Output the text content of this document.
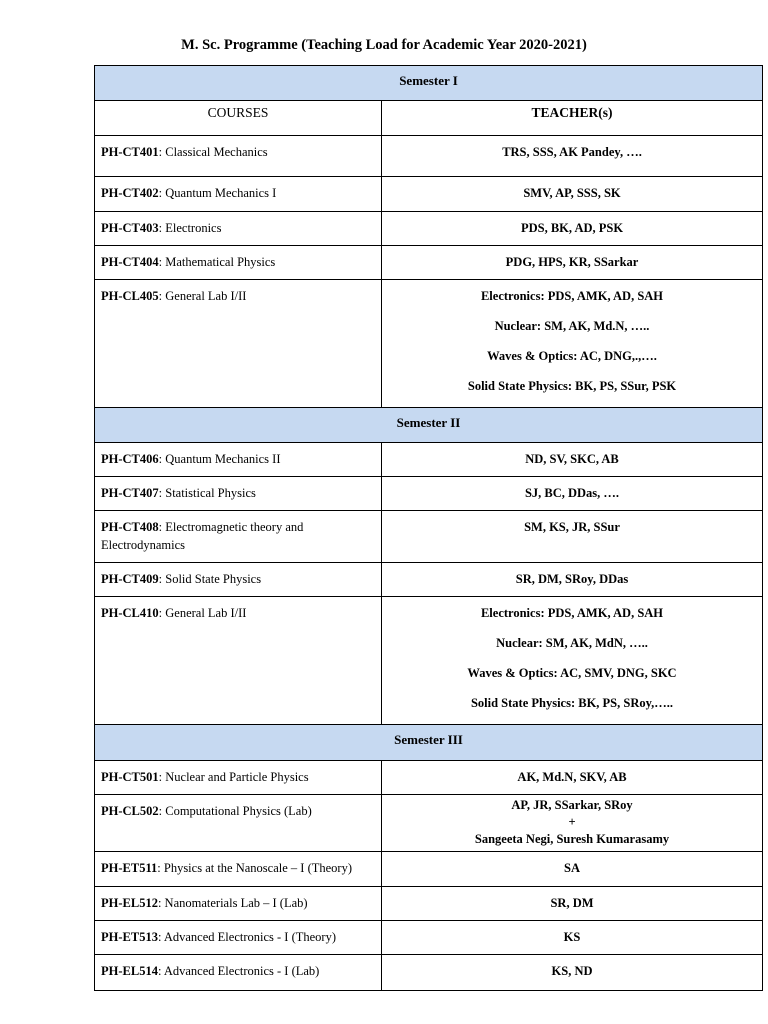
M. Sc. Programme (Teaching Load for Academic Year 2020-2021)
Semester I	
COURSES	TEACHER(s)
PH-CT401: Classical Mechanics	TRS, SSS, AK Pandey, ….

PH-CT402: Quantum Mechanics I	SMV, AP, SSS, SK

PH-CT403: Electronics	PDS, BK, AD, PSK

PH-CT404: Mathematical Physics	PDG, HPS, KR, SSarkar

PH-CL405: General Lab I/II	Electronics: PDS, AMK, AD, SAH
Nuclear: SM, AK, Md.N, …..
Waves & Optics: AC, DNG,.,….
Solid State Physics: BK, PS, SSur, PSK

Semester II	
PH-CT406: Quantum Mechanics II	ND, SV, SKC, AB

PH-CT407: Statistical Physics	SJ, BC, DDas, ….

PH-CT408: Electromagnetic theory and Electrodynamics	SM, KS, JR, SSur

PH-CT409: Solid State Physics	SR, DM, SRoy, DDas

PH-CL410: General Lab I/II	Electronics: PDS, AMK, AD, SAH
Nuclear: SM, AK, MdN, …..
Waves & Optics: AC, SMV, DNG, SKC
Solid State Physics: BK, PS, SRoy,…..

Semester III	
PH-CT501: Nuclear and Particle Physics	AK, Md.N, SKV, AB

PH-CL502: Computational Physics (Lab)	AP, JR, SSarkar, SRoy
+
Sangeeta Negi, Suresh Kumarasamy

PH-ET511: Physics at the Nanoscale – I (Theory)	SA

PH-EL512: Nanomaterials Lab – I (Lab)	SR, DM

PH-ET513: Advanced Electronics - I (Theory)	KS

PH-EL514: Advanced Electronics - I (Lab)	KS, ND
